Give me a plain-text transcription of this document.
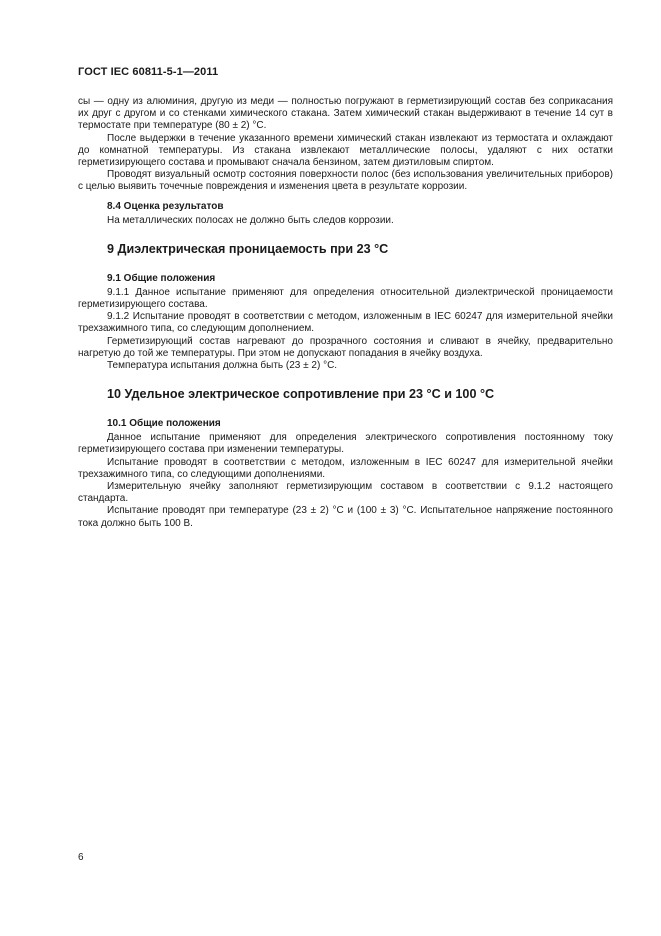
ГОСТ IEC 60811-5-1—2011

сы — одну из алюминия, другую из меди — полностью погружают в герметизирующий состав без соприкасания их друг с другом и со стенками химического стакана. Затем химический стакан выдерживают в течение 14 сут в термостате при температуре (80 ± 2) °C.

После выдержки в течение указанного времени химический стакан извлекают из термостата и охлаждают до комнатной температуры. Из стакана извлекают металлические полосы, удаляют с них остатки герметизирующего состава и промывают сначала бензином, затем диэтиловым спиртом.

Проводят визуальный осмотр состояния поверхности полос (без использования увеличительных приборов) с целью выявить точечные повреждения и изменения цвета в результате коррозии.

8.4 Оценка результатов

На металлических полосах не должно быть следов коррозии.

9 Диэлектрическая проницаемость при 23 °C
9.1 Общие положения

9.1.1 Данное испытание применяют для определения относительной диэлектрической проницаемости герметизирующего состава.

9.1.2 Испытание проводят в соответствии с методом, изложенным в IEC 60247 для измерительной ячейки трехзажимного типа, со следующим дополнением.

Герметизирующий состав нагревают до прозрачного состояния и сливают в ячейку, предварительно нагретую до той же температуры. При этом не допускают попадания в ячейку воздуха.

Температура испытания должна быть (23 ± 2) °C.

10 Удельное электрическое сопротивление при 23 °C и 100 °C
10.1 Общие положения

Данное испытание применяют для определения электрического сопротивления постоянному току герметизирующего состава при изменении температуры.

Испытание проводят в соответствии с методом, изложенным в IEC 60247 для измерительной ячейки трехзажимного типа, со следующими дополнениями.

Измерительную ячейку заполняют герметизирующим составом в соответствии с 9.1.2 настоящего стандарта.

Испытание проводят при температуре (23 ± 2) °C и (100 ± 3) °C. Испытательное напряжение постоянного тока должно быть 100 В.

6
